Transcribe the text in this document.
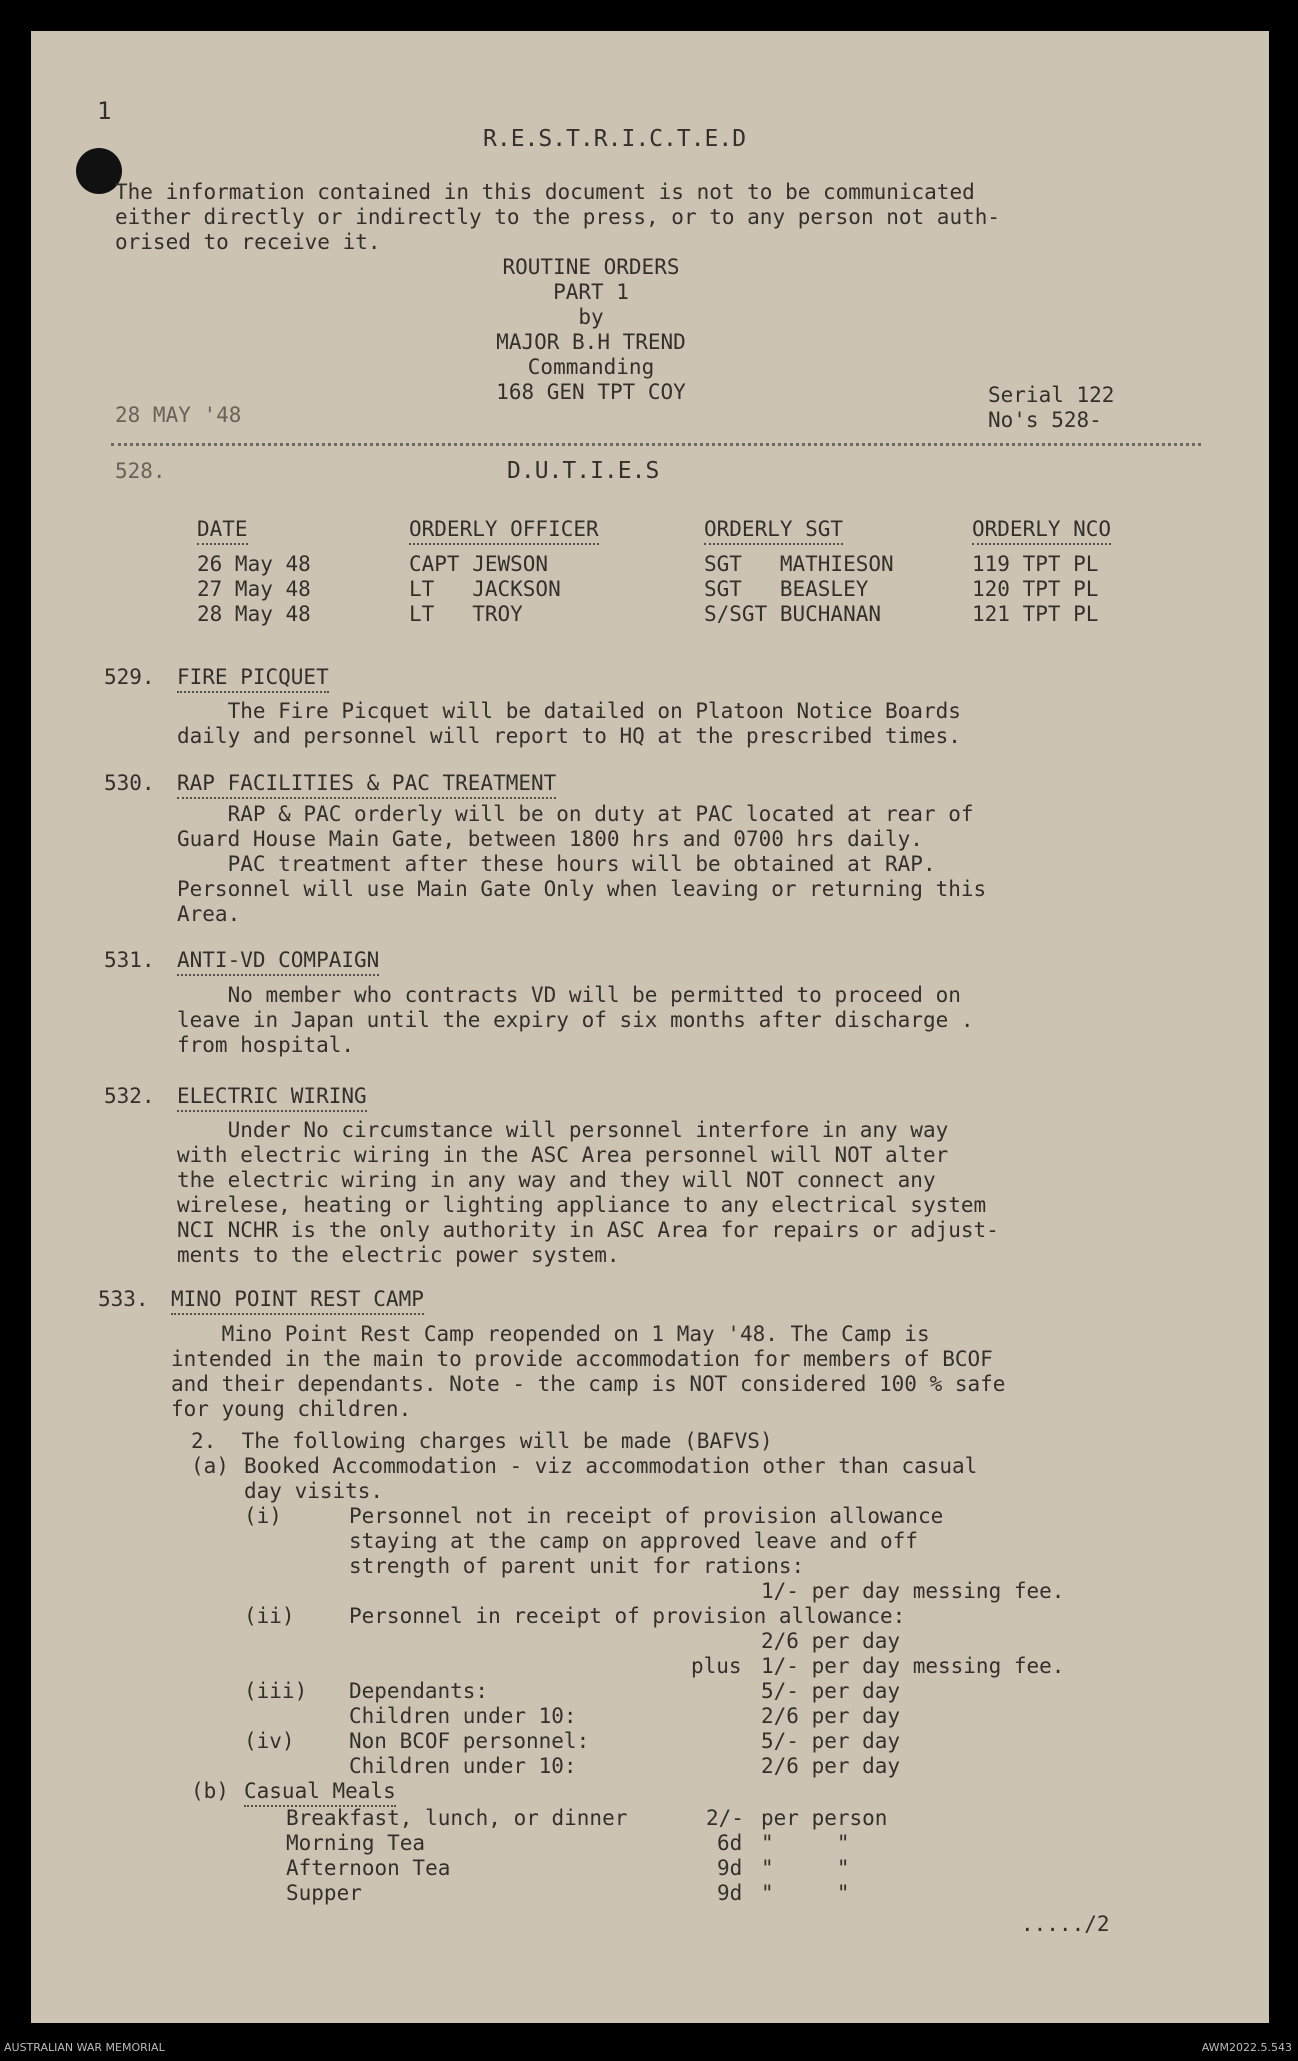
1
R.E.S.T.R.I.C.T.E.D
The information contained in this document is not to be communicated
either directly or indirectly to the press, or to any person not auth-
orised to receive it.
ROUTINE ORDERS
PART 1
by
MAJOR B.H TREND
Commanding
168 GEN TPT COY
28 MAY '48
Serial 122
No's 528-
528.	D.U.T.I.E.S
DATE	ORDERLY OFFICER	ORDERLY SGT	ORDERLY NCO
26 May 48	CAPT JEWSON	SGT   MATHIESON	119 TPT PL
27 May 48	LT   JACKSON	SGT   BEASLEY	120 TPT PL
28 May 48	LT   TROY	S/SGT BUCHANAN	121 TPT PL
529. FIRE PICQUET
The Fire Picquet will be datailed on Platoon Notice Boards
daily and personnel will report to HQ at the prescribed times.
530. RAP FACILITIES & PAC TREATMENT
RAP & PAC orderly will be on duty at PAC located at rear of
Guard House Main Gate, between 1800 hrs and 0700 hrs daily.
PAC treatment after these hours will be obtained at RAP.
Personnel will use Main Gate Only when leaving or returning this
Area.
531. ANTI-VD COMPAIGN
No member who contracts VD will be permitted to proceed on
leave in Japan until the expiry of six months after discharge .
from hospital.
532. ELECTRIC WIRING
Under No circumstance will personnel interfore in any way
with electric wiring in the ASC Area personnel will NOT alter
the electric wiring in any way and they will NOT connect any
wirelese, heating or lighting appliance to any electrical system
NCI NCHR is the only authority in ASC Area for repairs or adjust-
ments to the electric power system.
533. MINO POINT REST CAMP
Mino Point Rest Camp reopended on 1 May '48. The Camp is
intended in the main to provide accommodation for members of BCOF
and their dependants. Note - the camp is NOT considered 100 % safe
for young children.
2.  The following charges will be made (BAFVS)
(a) Booked Accommodation - viz accommodation other than casual
day visits.
(i)	Personnel not in receipt of provision allowance
staying at the camp on approved leave and off
strength of parent unit for rations:
1/- per day messing fee.
(ii)	Personnel in receipt of provision allowance:
2/6 per day
plus 1/- per day messing fee.
(iii) Dependants:	5/- per day
Children under 10:	2/6 per day
(iv)	Non BCOF personnel:	5/- per day
Children under 10:	2/6 per day
(b) Casual Meals
Breakfast, lunch, or dinner	2/- per person
Morning Tea	6d "     "
Afternoon Tea	9d "     "
Supper	9d "     "
...../2
AUSTRALIAN WAR MEMORIAL	AWM2022.5.543
